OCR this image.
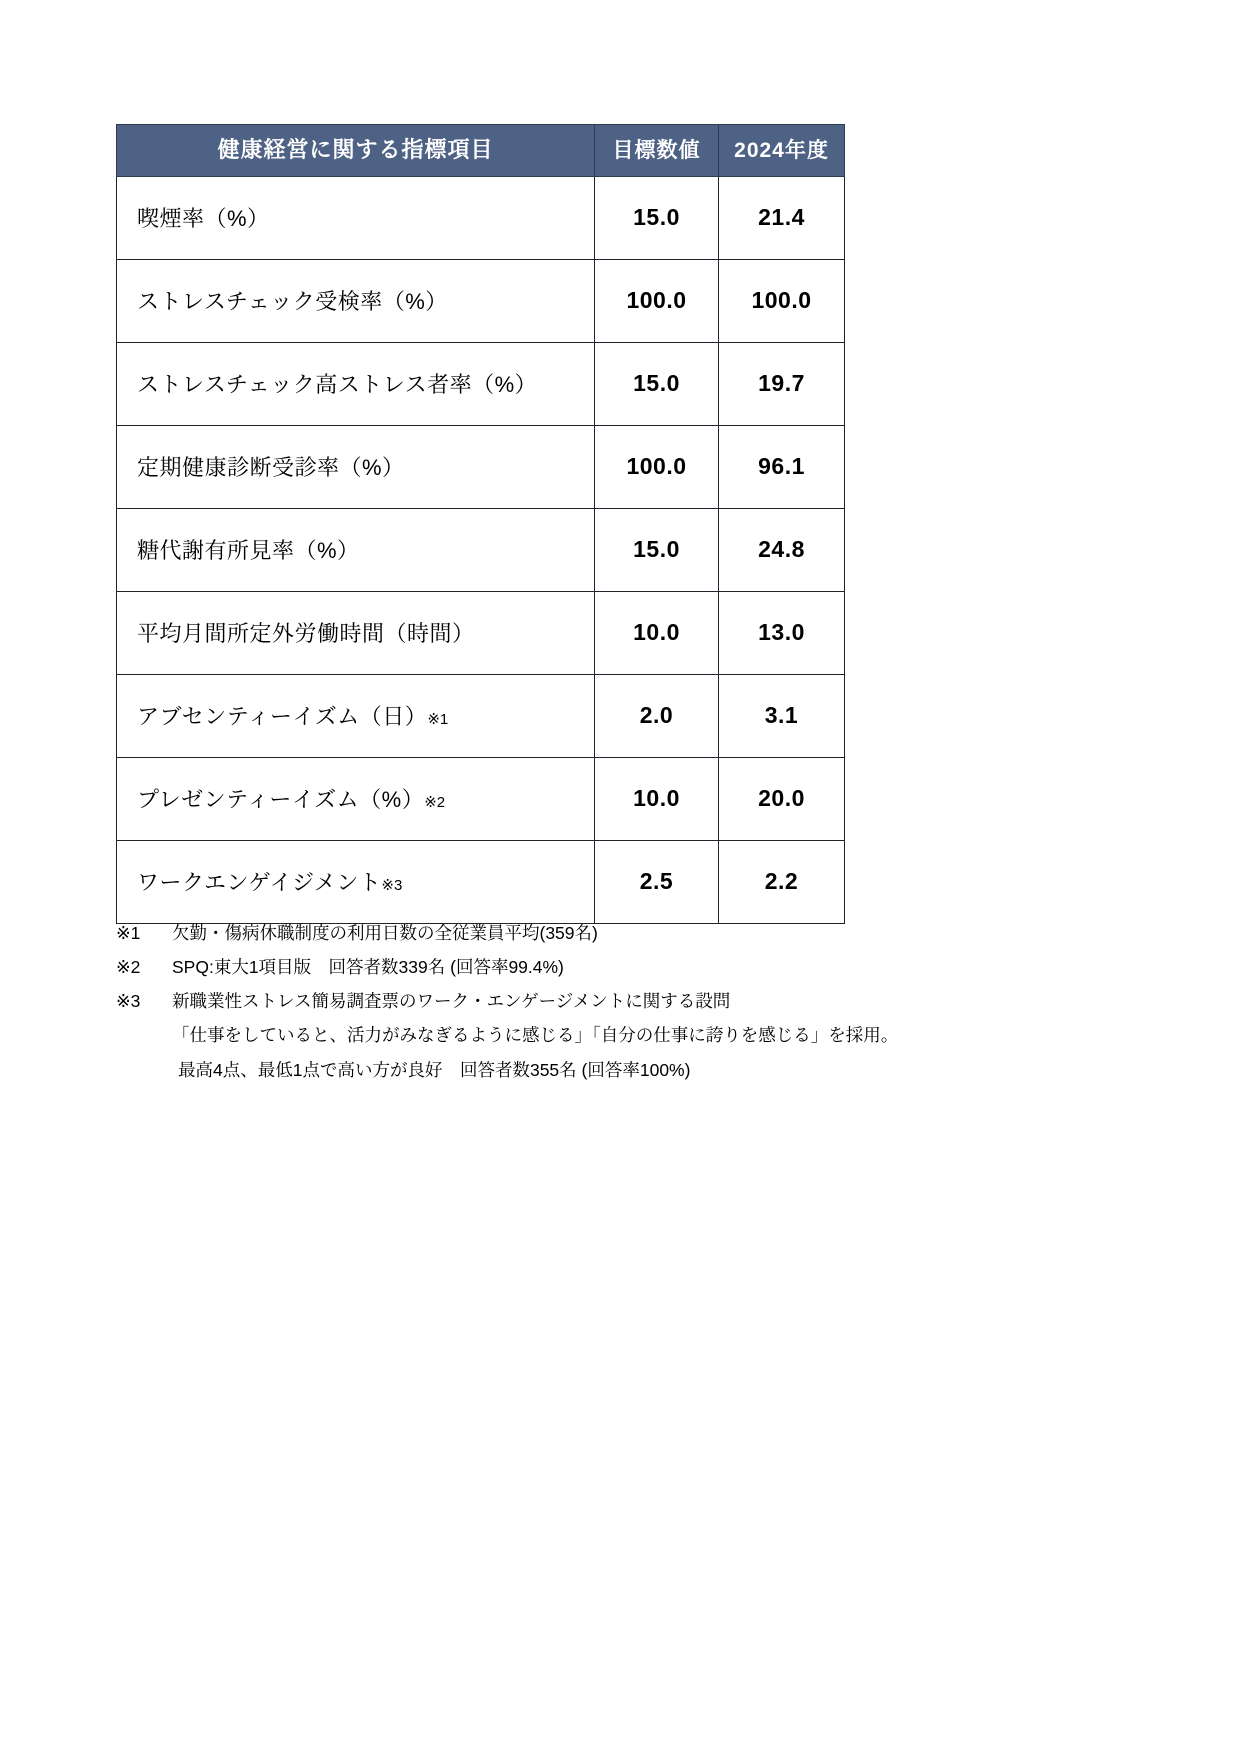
健康経営に関する指標項目	目標数値	2024年度
喫煙率（%）	15.0	21.4
ストレスチェック受検率（%）	100.0	100.0
ストレスチェック高ストレス者率（%）	15.0	19.7
定期健康診断受診率（%）	100.0	96.1
糖代謝有所見率（%）	15.0	24.8
平均月間所定外労働時間（時間）	10.0	13.0
アブセンティーイズム（日）※1	2.0	3.1
プレゼンティーイズム（%）※2	10.0	20.0
ワークエンゲイジメント※3	2.5	2.2
※1	欠勤・傷病休職制度の利用日数の全従業員平均(359名)
※2	SPQ:東大1項目版　回答者数339名 (回答率99.4%)
※3	新職業性ストレス簡易調査票のワーク・エンゲージメントに関する設問
「仕事をしていると、活力がみなぎるように感じる」「自分の仕事に誇りを感じる」を採用。
最高4点、最低1点で高い方が良好　回答者数355名 (回答率100%)
